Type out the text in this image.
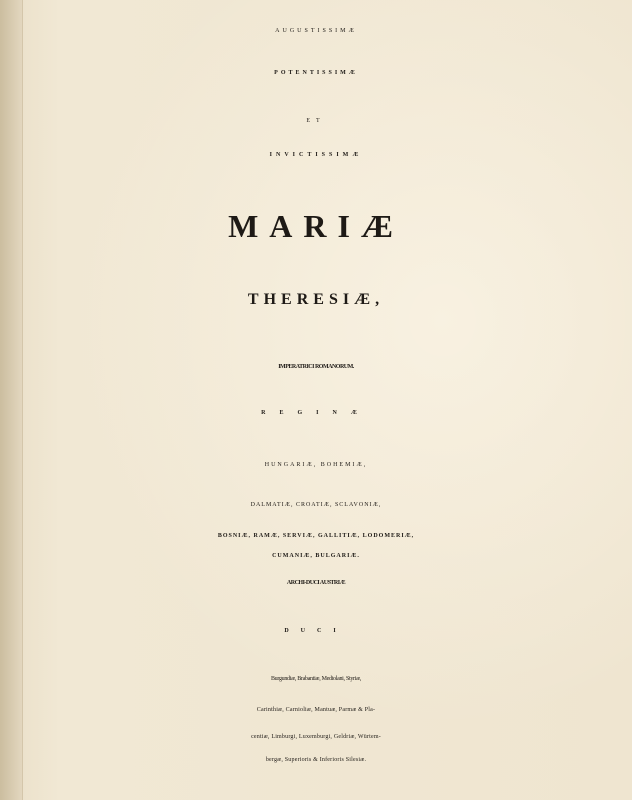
AUGUSTISSIMÆ
POTENTISSIMÆ
ET
INVICTISSIMÆ
MARIÆ
THERESIÆ,
IMPERATRICI ROMANORUM.
REGINÆ
HUNGARIÆ, BOHEMIÆ,
DALMATIÆ, CROATIÆ, SCLAVONIÆ,
BOSNIÆ, RAMÆ, SERVIÆ, GALLITIÆ, LODOMERIÆ,
CUMANIÆ, BULGARIÆ.
ARCHI-DUCI AUSTRIÆ
DUCI
Burgundiæ, Brabantiæ, Mediolani, Styriæ,
Carinthiæ, Carnioliæ, Mantuæ, Parmæ & Pla-
centiæ, Limburgi, Luxemburgi, Geldriæ, Würtem-
bergæ, Superioris & Inferioris Silesiæ.
